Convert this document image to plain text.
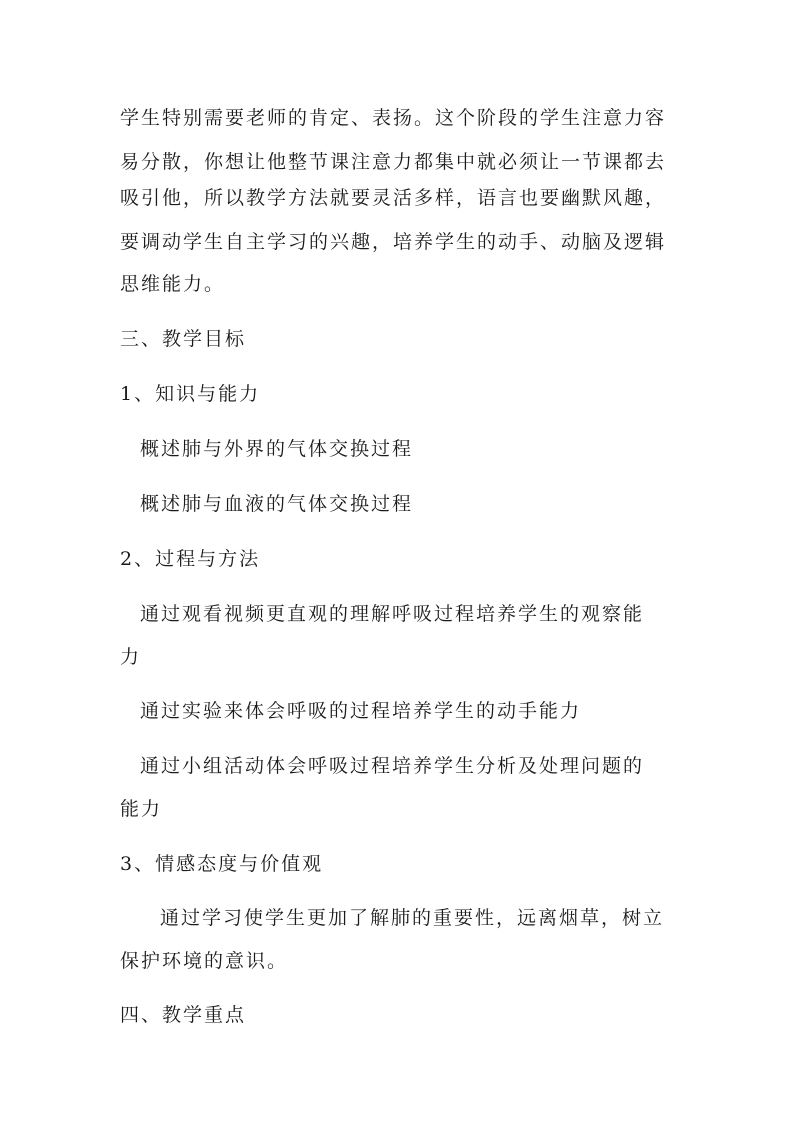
学生特别需要老师的肯定、表扬。这个阶段的学生注意力容
易分散，你想让他整节课注意力都集中就必须让一节课都去
吸引他，所以教学方法就要灵活多样，语言也要幽默风趣，
要调动学生自主学习的兴趣，培养学生的动手、动脑及逻辑
思维能力。
三、教学目标
1、知识与能力
概述肺与外界的气体交换过程
概述肺与血液的气体交换过程
2、过程与方法
通过观看视频更直观的理解呼吸过程培养学生的观察能
力
通过实验来体会呼吸的过程培养学生的动手能力
通过小组活动体会呼吸过程培养学生分析及处理问题的
能力
3、情感态度与价值观
通过学习使学生更加了解肺的重要性，远离烟草，树立
保护环境的意识。
四、教学重点
